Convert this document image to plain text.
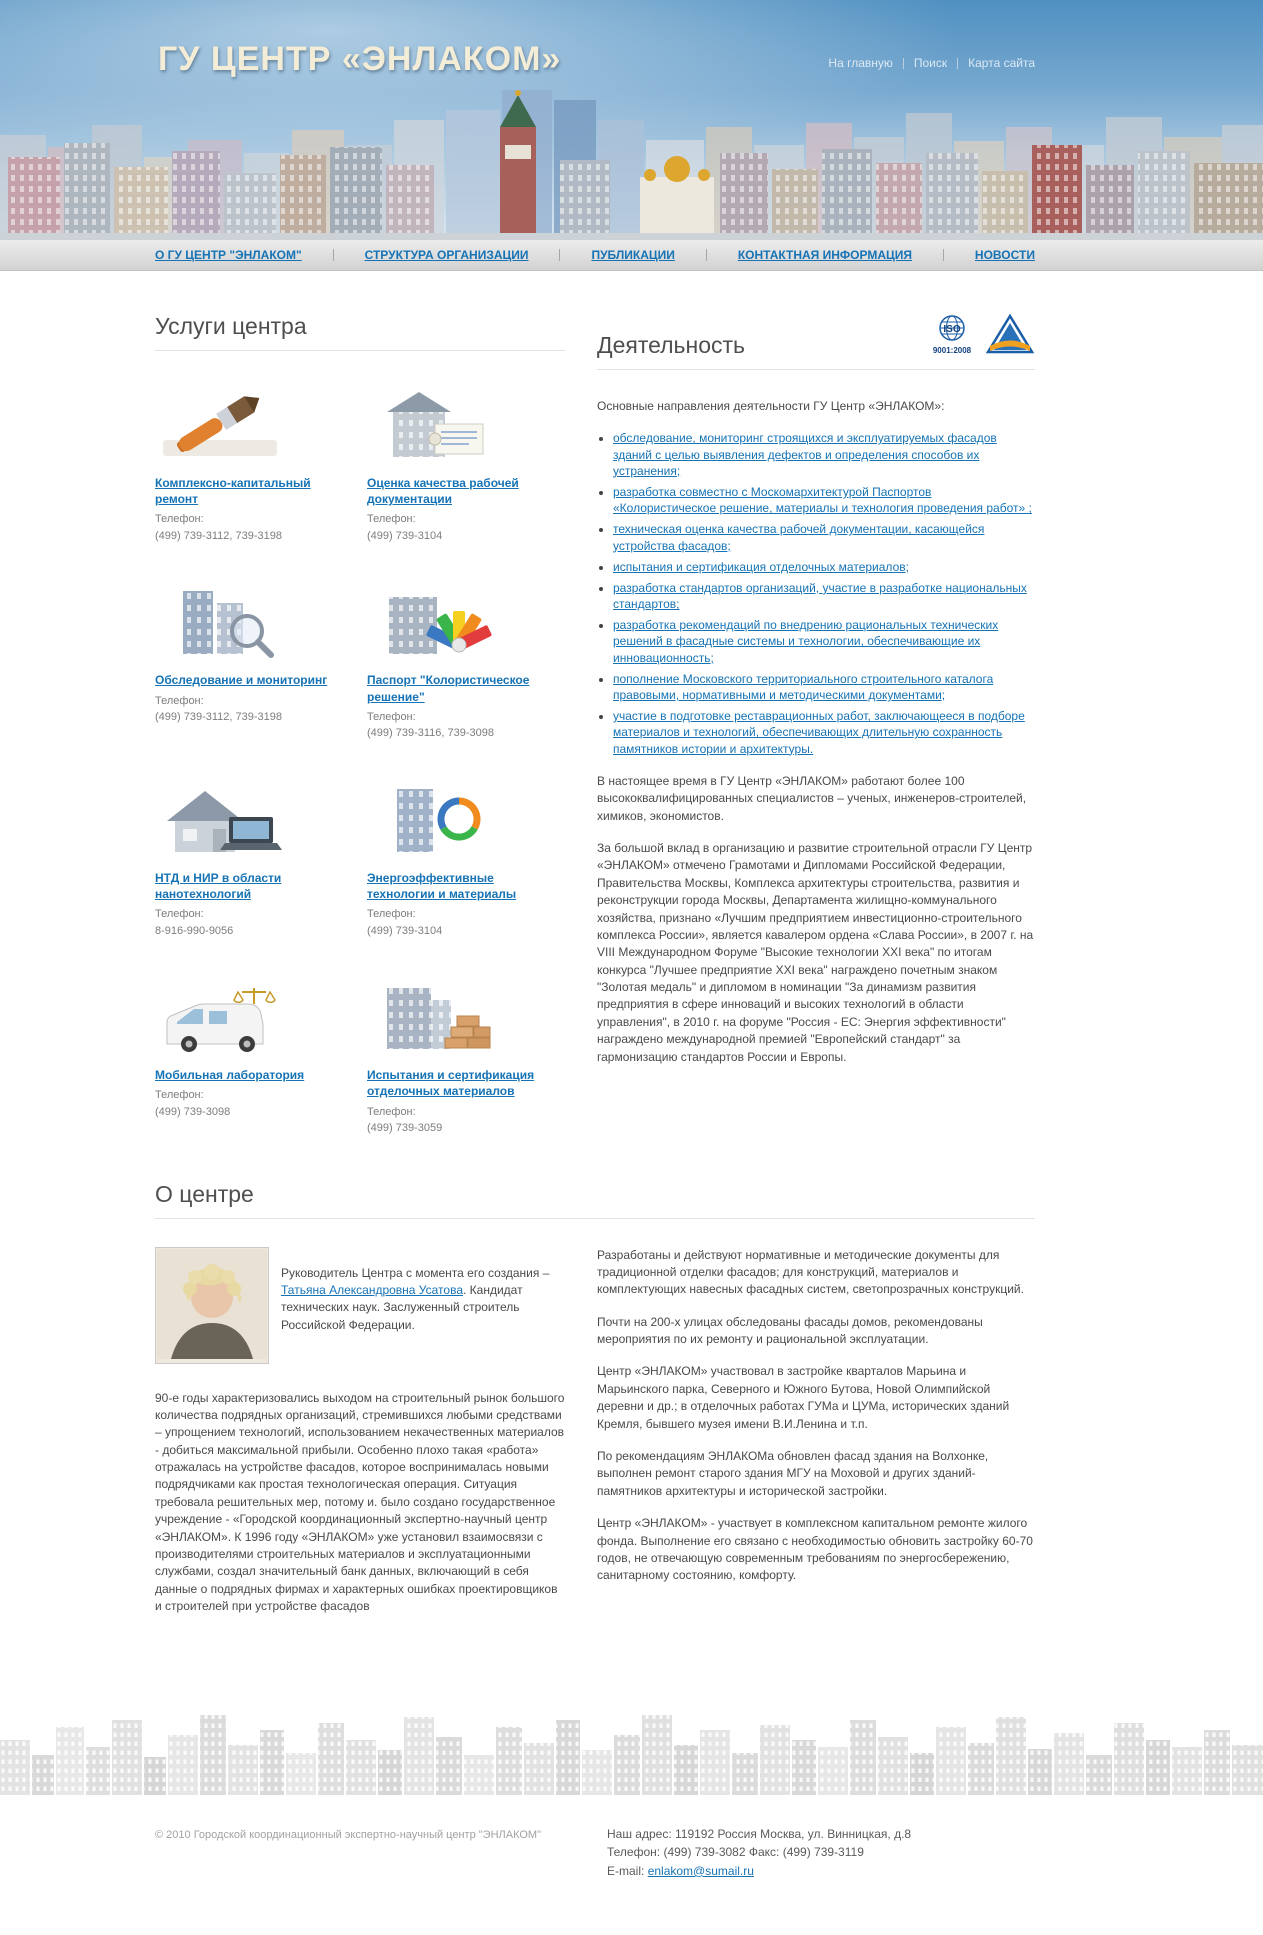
ГУ ЦЕНТР «ЭНЛАКОМ»	На главную Поиск Карта сайта
О ГУ ЦЕНТР "ЭНЛАКОМ"	СТРУКТУРА ОРГАНИЗАЦИИ	ПУБЛИКАЦИИ	КОНТАКТНАЯ ИНФОРМАЦИЯ	НОВОСТИ
Услуги центра
Комплексно-капитальный ремонт
Телефон:
(499) 739-3112, 739-3198
Оценка качества рабочей документации
Телефон:
(499) 739-3104
Обследование и мониторинг
Телефон:
(499) 739-3112, 739-3198
Паспорт "Колористическое решение"
Телефон:
(499) 739-3116, 739-3098
НТД и НИР в области нанотехнологий
Телефон:
8-916-990-9056
Энергоэффективные технологии и материалы
Телефон:
(499) 739-3104
Мобильная лаборатория
Телефон:
(499) 739-3098
Испытания и сертификация отделочных материалов
Телефон:
(499) 739-3059
Деятельность
ISO
9001:2008

Основные направления деятельности ГУ Центр «ЭНЛАКОМ»:

• обследование, мониторинг строящихся и эксплуатируемых фасадов зданий с целью выявления дефектов и определения способов их устранения;
• разработка совместно с Москомархитектурой Паспортов «Колористическое решение, материалы и технология проведения работ» ;
• техническая оценка качества рабочей документации, касающейся устройства фасадов;
• испытания и сертификация отделочных материалов;
• разработка стандартов организаций, участие в разработке национальных стандартов;
• разработка рекомендаций по внедрению рациональных технических решений в фасадные системы и технологии, обеспечивающие их инновационность;
• пополнение Московского территориального строительного каталога правовыми, нормативными и методическими документами;
• участие в подготовке реставрационных работ, заключающееся в подборе материалов и технологий, обеспечивающих длительную сохранность памятников истории и архитектуры.

В настоящее время в ГУ Центр «ЭНЛАКОМ» работают более 100 высококвалифицированных специалистов – ученых, инженеров-строителей, химиков, экономистов.

За большой вклад в организацию и развитие строительной отрасли ГУ Центр «ЭНЛАКОМ» отмечено Грамотами и Дипломами Российской Федерации, Правительства Москвы, Комплекса архитектуры строительства, развития и реконструкции города Москвы, Департамента жилищно-коммунального хозяйства, признано «Лучшим предприятием инвестиционно-строительного комплекса России», является кавалером ордена «Слава России», в 2007 г. на VIII Международном Форуме "Высокие технологии XXI века" по итогам конкурса "Лучшее предприятие XXI века" награждено почетным знаком "Золотая медаль" и дипломом в номинации "За динамизм развития предприятия в сфере инноваций и высоких технологий в области управления", в 2010 г. на форуме "Россия - ЕС: Энергия эффективности" награждено международной премией "Европейский стандарт" за гармонизацию стандартов России и Европы.

О центре
Руководитель Центра с момента его создания – Татьяна Александровна Усатова. Кандидат технических наук. Заслуженный строитель Российской Федерации.

90-е годы характеризовались выходом на строительный рынок большого количества подрядных организаций, стремившихся любыми средствами – упрощением технологий, использованием некачественных материалов - добиться максимальной прибыли. Особенно плохо такая «работа» отражалась на устройстве фасадов, которое воспринималась новыми подрядчиками как простая технологическая операция. Ситуация требовала решительных мер, потому и. было создано государственное учреждение - «Городской координационный экспертно-научный центр «ЭНЛАКОМ». К 1996 году «ЭНЛАКОМ» уже установил взаимосвязи с производителями строительных материалов и эксплуатационными службами, создал значительный банк данных, включающий в себя данные о подрядных фирмах и характерных ошибках проектировщиков и строителей при устройстве фасадов

Разработаны и действуют нормативные и методические документы для традиционной отделки фасадов; для конструкций, материалов и комплектующих навесных фасадных систем, светопрозрачных конструкций.

Почти на 200-х улицах обследованы фасады домов, рекомендованы мероприятия по их ремонту и рациональной эксплуатации.

Центр «ЭНЛАКОМ» участвовал в застройке кварталов Марьина и Марьинского парка, Северного и Южного Бутова, Новой Олимпийской деревни и др.; в отделочных работах ГУМа и ЦУМа, исторических зданий Кремля, бывшего музея имени В.И.Ленина и т.п.

По рекомендациям ЭНЛАКОМа обновлен фасад здания на Волхонке, выполнен ремонт старого здания МГУ на Моховой и других зданий-памятников архитектуры и исторической застройки.

Центр «ЭНЛАКОМ» - участвует в комплексном капитальном ремонте жилого фонда. Выполнение его связано с необходимостью обновить застройку 60-70 годов, не отвечающую современным требованиям по энергосбережению, санитарному состоянию, комфорту.

© 2010 Городской координационный экспертно-научный центр "ЭНЛАКОМ"	Наш адрес: 119192 Россия Москва, ул. Винницкая, д.8
Телефон: (499) 739-3082 Факс: (499) 739-3119
E-mail: enlakom@sumail.ru
